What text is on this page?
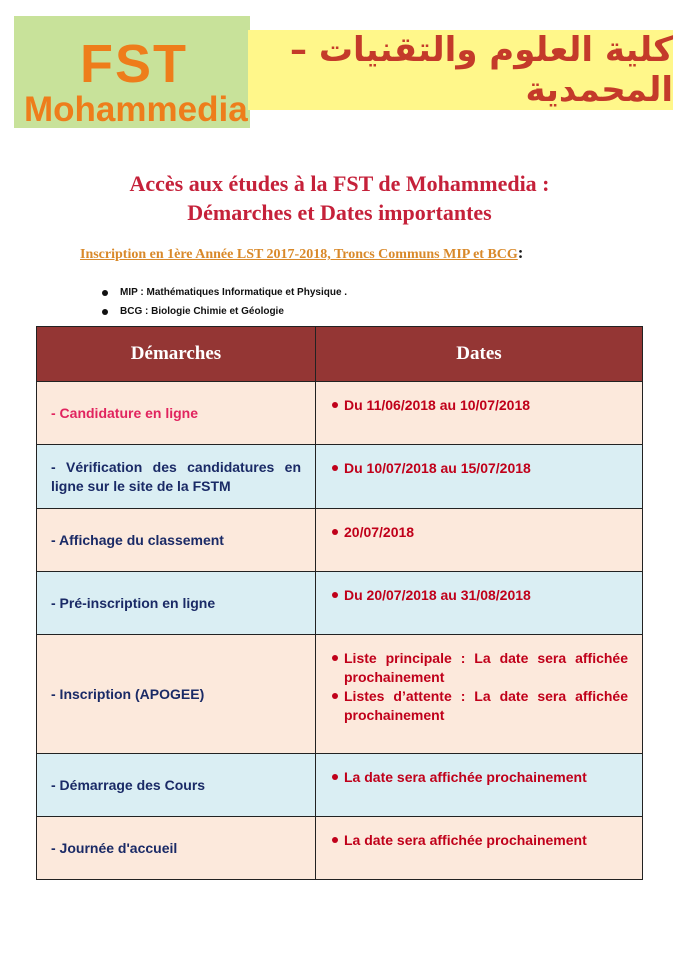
FST
Mohammedia
كلية العلوم والتقنيات – المحمدية
Accès aux études à la FST de Mohammedia :
Démarches et Dates importantes
Inscription en 1ère Année LST 2017-2018, Troncs Communs MIP et BCG:
MIP : Mathématiques Informatique et Physique .
BCG : Biologie Chimie et Géologie
Démarches	Dates

- Candidature en ligne	Du 11/06/2018 au 10/07/2018

- Vérification des candidatures en ligne sur le site de la FSTM	Du 10/07/2018 au 15/07/2018

- Affichage du classement	20/07/2018

- Pré-inscription en ligne	Du 20/07/2018 au 31/08/2018

- Inscription (APOGEE)	Liste principale : La date sera affichée prochainement
Listes d’attente : La date sera affichée prochainement

- Démarrage des Cours	La date sera affichée prochainement

- Journée d'accueil	La date sera affichée prochainement
